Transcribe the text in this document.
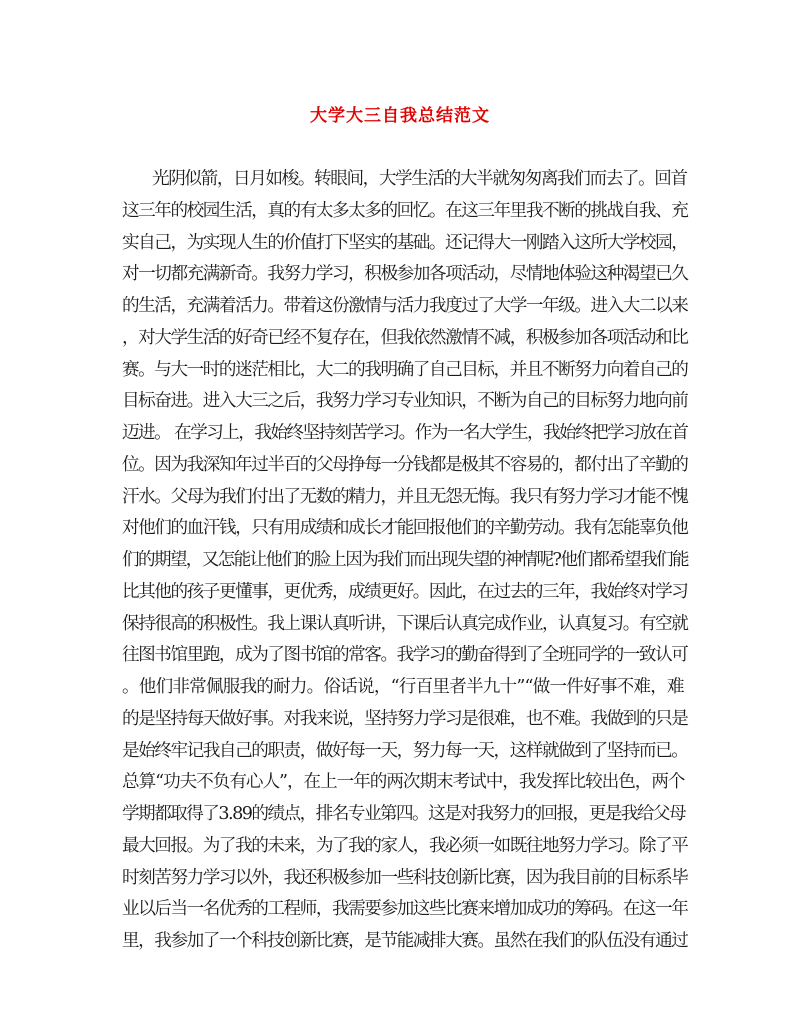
大学大三自我总结范文
光阴似箭，日月如梭。转眼间，大学生活的大半就匆匆离我们而去了。回首
这三年的校园生活，真的有太多太多的回忆。在这三年里我不断的挑战自我、充
实自己，为实现人生的价值打下坚实的基础。还记得大一刚踏入这所大学校园，
对一切都充满新奇。我努力学习，积极参加各项活动，尽情地体验这种渴望已久
的生活，充满着活力。带着这份激情与活力我度过了大学一年级。进入大二以来
，对大学生活的好奇已经不复存在，但我依然激情不减，积极参加各项活动和比
赛。与大一时的迷茫相比，大二的我明确了自己目标，并且不断努力向着自己的
目标奋进。进入大三之后，我努力学习专业知识，不断为自己的目标努力地向前
迈进。 在学习上，我始终坚持刻苦学习。作为一名大学生，我始终把学习放在首
位。因为我深知年过半百的父母挣每一分钱都是极其不容易的，都付出了辛勤的
汗水。父母为我们付出了无数的精力，并且无怨无悔。我只有努力学习才能不愧
对他们的血汗钱，只有用成绩和成长才能回报他们的辛勤劳动。我有怎能辜负他
们的期望，又怎能让他们的脸上因为我们而出现失望的神情呢?他们都希望我们能
比其他的孩子更懂事，更优秀，成绩更好。因此，在过去的三年，我始终对学习
保持很高的积极性。我上课认真听讲，下课后认真完成作业，认真复习。有空就
往图书馆里跑，成为了图书馆的常客。我学习的勤奋得到了全班同学的一致认可
。他们非常佩服我的耐力。俗话说，“行百里者半九十”“做一件好事不难，难
的是坚持每天做好事。对我来说，坚持努力学习是很难，也不难。我做到的只是
是始终牢记我自己的职责，做好每一天，努力每一天，这样就做到了坚持而已。
总算“功夫不负有心人”，在上一年的两次期末考试中，我发挥比较出色，两个
学期都取得了3.89的绩点，排名专业第四。这是对我努力的回报，更是我给父母
最大回报。为了我的未来，为了我的家人，我必须一如既往地努力学习。除了平
时刻苦努力学习以外，我还积极参加一些科技创新比赛，因为我目前的目标系毕
业以后当一名优秀的工程师，我需要参加这些比赛来增加成功的筹码。在这一年
里，我参加了一个科技创新比赛，是节能减排大赛。虽然在我们的队伍没有通过
